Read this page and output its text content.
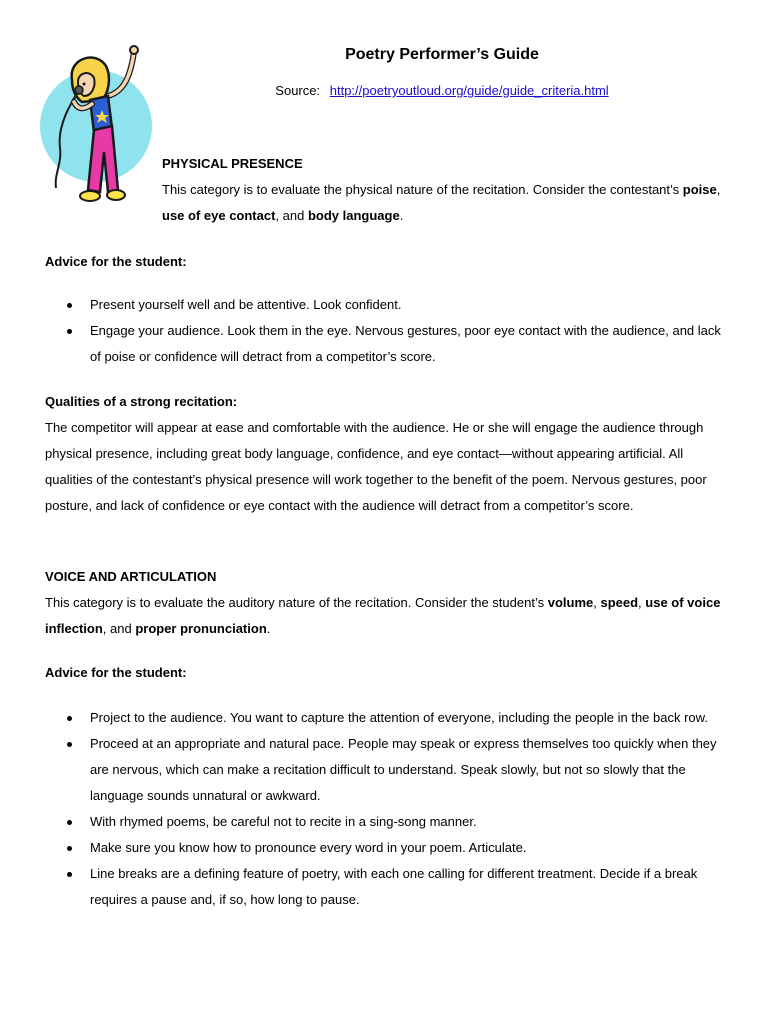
Poetry Performer’s Guide
Source: http://poetryoutloud.org/guide/guide_criteria.html
PHYSICAL PRESENCE
This category is to evaluate the physical nature of the recitation. Consider the contestant’s poise, use of eye contact, and body language.
Advice for the student:
Present yourself well and be attentive. Look confident.
Engage your audience. Look them in the eye. Nervous gestures, poor eye contact with the audience, and lack of poise or confidence will detract from a competitor’s score.
Qualities of a strong recitation:
The competitor will appear at ease and comfortable with the audience. He or she will engage the audience through physical presence, including great body language, confidence, and eye contact—without appearing artificial. All qualities of the contestant’s physical presence will work together to the benefit of the poem. Nervous gestures, poor posture, and lack of confidence or eye contact with the audience will detract from a competitor’s score.
VOICE AND ARTICULATION
This category is to evaluate the auditory nature of the recitation. Consider the student’s volume, speed, use of voice inflection, and proper pronunciation.
Advice for the student:
Project to the audience. You want to capture the attention of everyone, including the people in the back row.
Proceed at an appropriate and natural pace. People may speak or express themselves too quickly when they are nervous, which can make a recitation difficult to understand. Speak slowly, but not so slowly that the language sounds unnatural or awkward.
With rhymed poems, be careful not to recite in a sing-song manner.
Make sure you know how to pronounce every word in your poem. Articulate.
Line breaks are a defining feature of poetry, with each one calling for different treatment. Decide if a break requires a pause and, if so, how long to pause.
